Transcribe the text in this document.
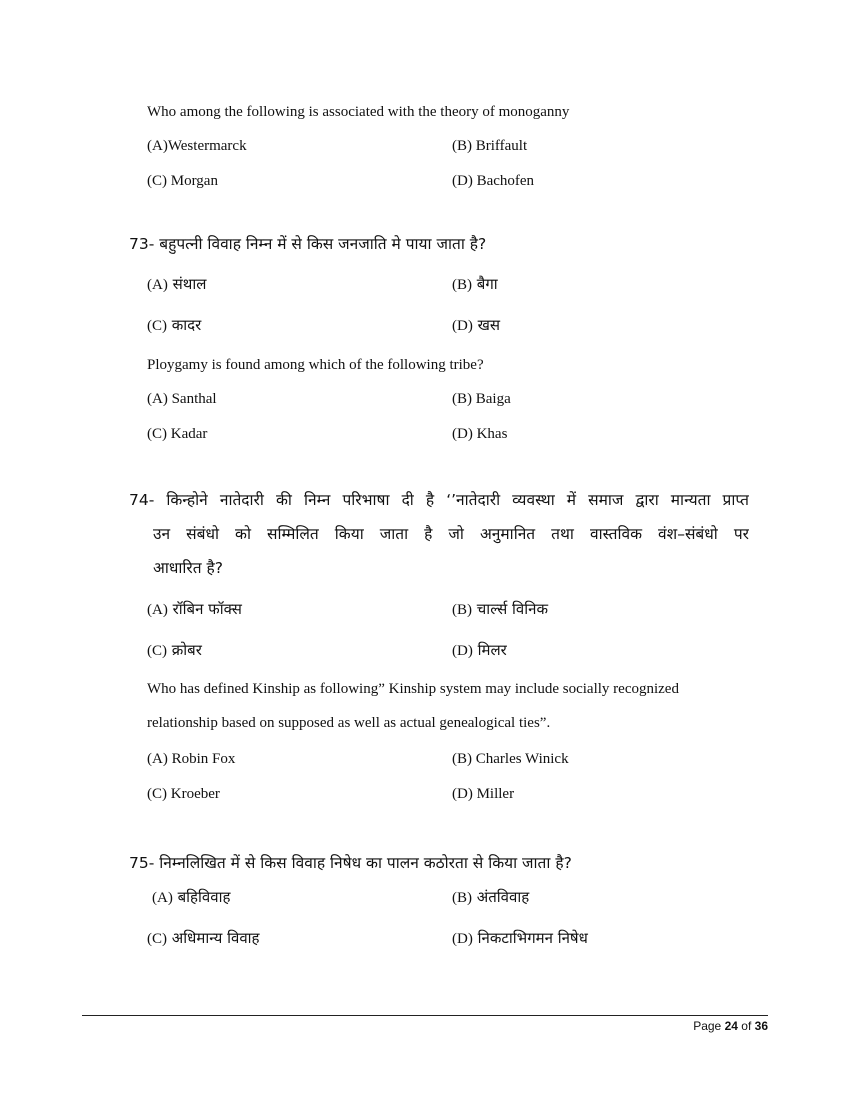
Who among the following is associated with the theory of monoganny
(A)Westermarck	(B) Briffault
(C) Morgan	(D) Bachofen
73- बहुपत्नी विवाह निम्न में से किस जनजाति मे पाया जाता है?
(A) संथाल	(B) बैगा
(C) कादर	(D) खस
Ploygamy is found among which of the following tribe?
(A) Santhal	(B) Baiga
(C) Kadar	(D) Khas
74- किन्होने नातेदारी की निम्न परिभाषा दी है ‘’नातेदारी व्यवस्था में समाज द्वारा मान्यता प्राप्त
उन संबंधो को सम्मिलित किया जाता है जो अनुमानित तथा वास्तविक वंश–संबंधो पर
आधारित है?
(A) रॉबिन फॉक्स	(B) चार्ल्स विनिक
(C) क्रोबर	(D) मिलर
Who has defined Kinship as following” Kinship system may include socially recognized
relationship based on supposed as well as actual genealogical ties”.
(A) Robin Fox	(B) Charles Winick
(C) Kroeber	(D) Miller
75- निम्नलिखित में से किस विवाह निषेध का पालन कठोरता से किया जाता है?
(A) बहिविवाह	(B) अंतविवाह
(C) अधिमान्य विवाह	(D) निकटाभिगमन निषेध
Page 24 of 36
